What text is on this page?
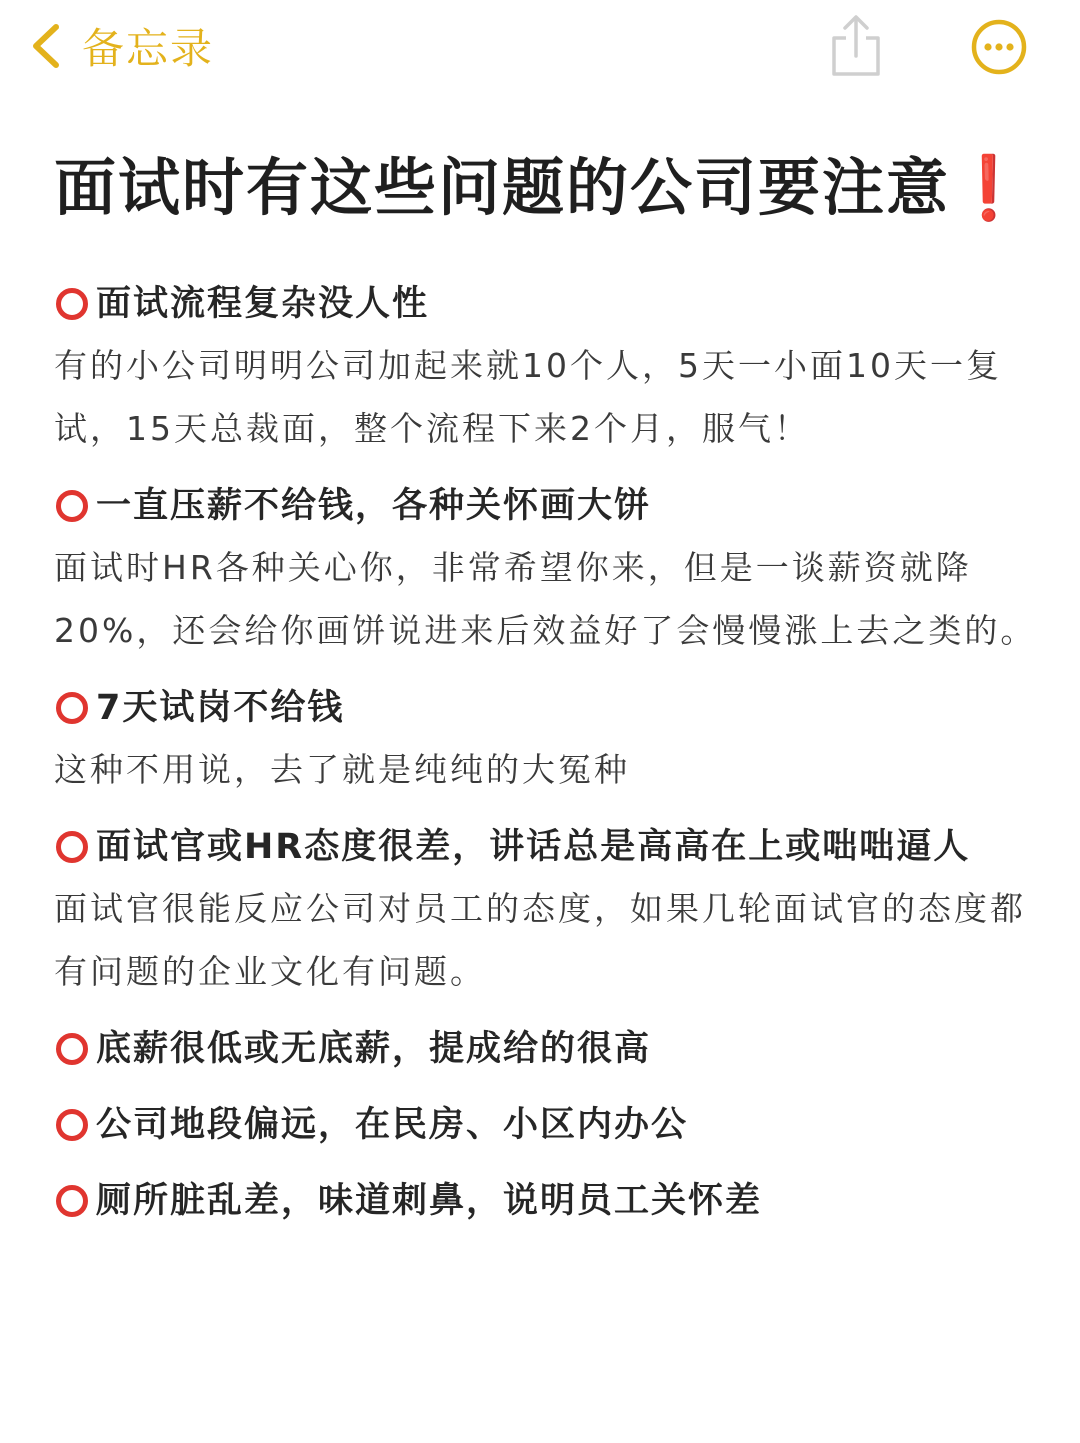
备忘录
面试时有这些问题的公司要注意❗
面试流程复杂没人性

有的小公司明明公司加起来就10个人，5天一小面10天一复试，15天总裁面，整个流程下来2个月，服气！

一直压薪不给钱，各种关怀画大饼

面试时HR各种关心你，非常希望你来，但是一谈薪资就降20%，还会给你画饼说进来后效益好了会慢慢涨上去之类的。

7天试岗不给钱

这种不用说，去了就是纯纯的大冤种

面试官或HR态度很差，讲话总是高高在上或咄咄逼人

面试官很能反应公司对员工的态度，如果几轮面试官的态度都有问题的企业文化有问题。

底薪很低或无底薪，提成给的很高
公司地段偏远，在民房、小区内办公
厕所脏乱差，味道刺鼻，说明员工关怀差
